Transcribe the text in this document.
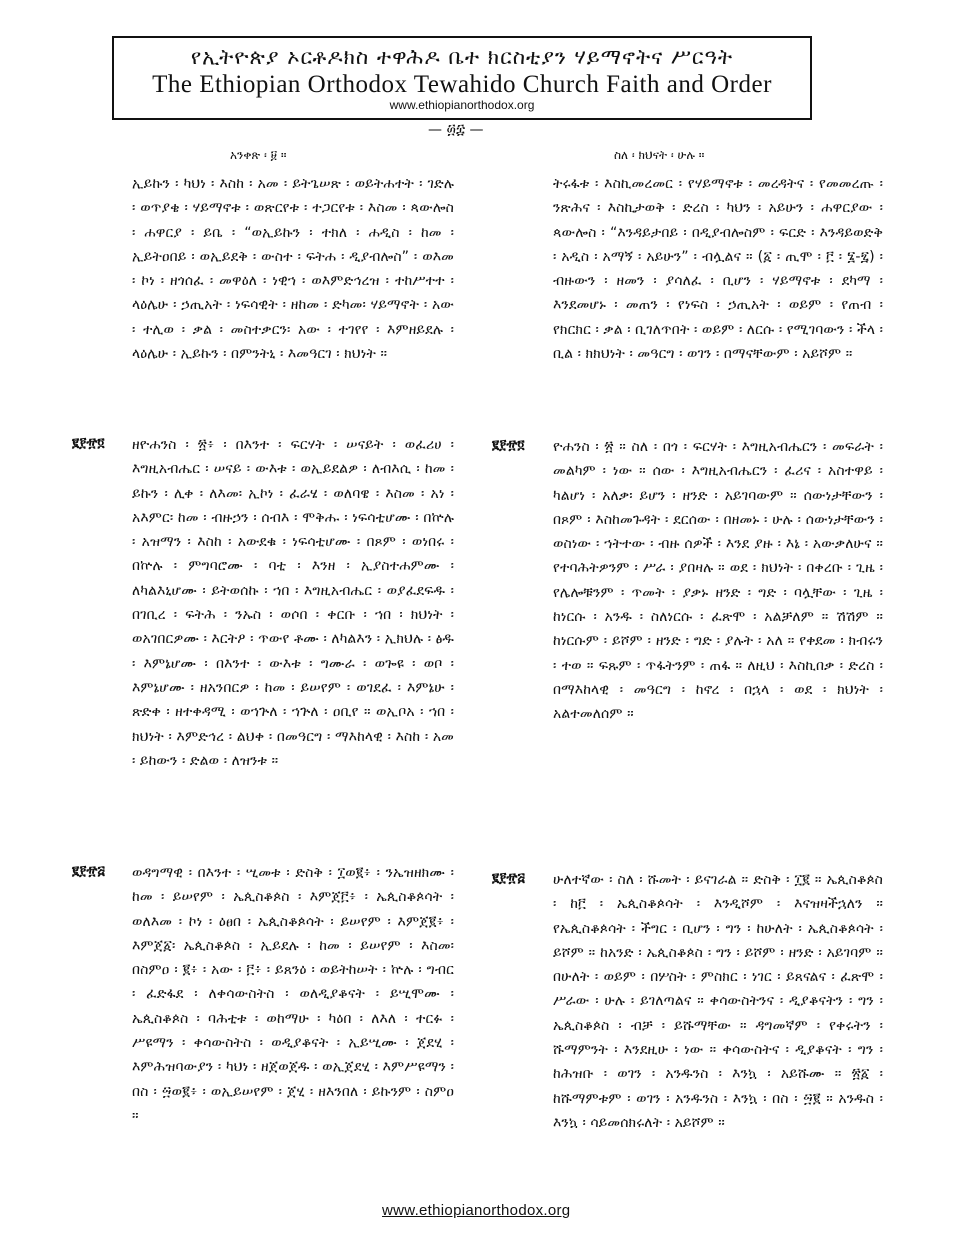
የኢትዮጵያ ኦርቶዶክስ ተዋሕዶ ቤተ ክርስቲያን ሃይማኖትና ሥርዓት
The Ethiopian Orthodox Tewahido Church Faith and Order
www.ethiopianorthodox.org
— ፴፰ —
አንቀጽ ፡ ፱ ።	ስለ ፡ ክህናት ፡ ሁሉ ።
ኢይኩን ፡ ካህነ ፡ እስከ ፡ አመ ፡ ይትጌሠጽ ፡ ወይትሐተት ፡ ገድሉ ፡ ወጥያቄ ፡ ሃይማኖቱ ፡ ወጽርየቱ ፡ ተጋርየቱ ፡ እስመ ፡ ጳውሎስ ፡ ሐዋርያ ፡ ይቤ ፡ “ወኢይኩን ፡ ተክለ ፡ ሐዲስ ፡ ከመ ፡ ኢይትዐበይ ፡ ወኢይደቅ ፡ ውስተ ፡ ፍትሐ ፡ ዲያብሎስ” ፡ ወእመ ፡ ኮነ ፡ ዘጎሰፈ ፡ መዋዕለ ፡ ነዊኀ ፡ ወእምድኅረዝ ፡ ተከሥተተ ፡ ላዕሌሁ ፡ ኃጢአት ፡ ነፍሳዊት ፡ ዘከመ ፡ ድካመ፡ ሃይማኖት ፡ አው ፡ ተሊወ ፡ ቃል ፡ መስተቃርን፡ አው ፡ ተገየየ ፡ እምዘይደሉ ፡ ላዕሌሁ ፡ ኢይኩን ፡ በምንትኒ ፡ እመዓርገ ፡ ክህነት ።
፪፻፹፬ ዘዮሐንስ ፡ ፳፥ ፡ በእንተ ፡ ፍርሃት ፡ ሠናይት ፡ ወፈሪሀ ፡ እግዚአብሔር ፡ ሠናይ ፡ ውእቱ ፡ ወኢይደልዎ ፡ ለብእሲ ፡ ከመ ፡ ይኩን ፡ ሊቀ ፡ ለእመ፡ ኢኮነ ፡ ፈራሄ ፡ ወለባዌ ፡ እስመ ፡ አነ ፡ አእምር፡ ከመ ፡ ብዙኃን ፡ ሰብእ ፡ ሞቅሑ ፡ ነፍሳቲሆሙ ፡ በኵሉ ፡ አዝማን ፡ እስከ ፡ አውደቁ ፡ ነፍሳቲሆሙ ፡ በጾም ፡ ወነበሩ ፡ በኵሉ ፡ ምግባሮሙ ፡ ባቲ ፡ እንዘ ፡ ኢያስተሐምሙ ፡ ለካልእኒሆሙ ፡ ይትወሰኩ ፡ ኀበ ፡ እግዚአብሔር ፡ ወያፈደፍዱ ፡ በገቢረ ፡ ፍትሕ ፡ ንኡስ ፡ ወሶበ ፡ ቀርቡ ፡ ኀበ ፡ ክህነት ፡ ወአገበርዎሙ ፡ እርትዖ ፡ ጥውየ ቶሙ ፡ ለካልእን ፡ ኢክህሉ ፡ ፅዱ ፡ እምኔሆሙ ፡ በእንተ ፡ ውእቱ ፡ ግሙራ ፡ ወጐዩ ፡ ወቦ ፡ እምኔሆሙ ፡ ዘአንበርዎ ፡ ከመ ፡ ይሠየም ፡ ወገደፈ ፡ እምኔሁ ፡ ጽድቀ ፡ ዘተቀዳሚ ፡ ወኀጕለ ፡ ኀጕለ ፡ ዐቢየ ። ወኢቦአ ፡ ኀበ ፡ ክህነት ፡ እምድኅረ ፡ ልህቀ ፡ በመዓርግ ፡ ማእከላዊ ፡ እስከ ፡ አመ ፡ ይከውን ፡ ድልወ ፡ ለዝንቱ ።
፪፻፹፭ ወዳግማዊ ፡ በእንተ ፡ ሢመቱ ፡ ድስቅ ፡ ፲ወ፪፥ ፡ ንኤዝዘክሙ ፡ ከመ ፡ ይሠየም ፡ ኤጲስቆጶስ ፡ እምጀ፫፥ ፡ ኤጲስቆጶሳት ፡ ወለእመ ፡ ኮነ ፡ ዕፀበ ፡ ኤጲስቆጶሳት ፡ ይሠየም ፡ እምጀ፪፥ ፡ እምጀ፩፡ ኤጲስቆጶስ ፡ ኢይደሉ ፡ ከመ ፡ ይሠየም ፡ እስመ፡ በስምዐ ፡ ፪፥ ፡ አው ፡ ፫፥ ፡ ይጸንዕ ፡ ወይትከሠት ፡ ኵሉ ፡ ግብር ፡ ፈድፋደ ፡ ለቀሳውስትስ ፡ ወለዲያቆናት ፡ ይሢሞሙ ፡ ኤጲስቆጶስ ፡ ባሕቲቱ ፡ ወከማሁ ፡ ካዕበ ፡ ለእለ ፡ ተርፉ ፡ ሥዩማን ፡ ቀሳውስትስ ፡ ወዲያቆናት ፡ ኢይሢሙ ፡ ጀደሂ ፡ እምሕዝባውያን ፡ ካህነ ፡ ዘጀወጀዱ ፡ ወኢጀደሂ ፡ እምሥዩማን ፡ በስ ፡ ፵ወ፪፥ ፡ ወኢይሠየም ፡ ጀሂ ፡ ዘእንበለ ፡ ይኩንም ፡ ስምዐ ።
ትሩፋቱ ፡ እስኪመረመር ፡ የሃይማኖቱ ፡ መረዳትና ፡ የመመረጡ ፡ ንጽሕና ፡ እስኪታወቅ ፡ ድረስ ፡ ካህን ፡ አይሁን ፡ ሐዋርያው ፡ ጳውሎስ ፡ “እንዳይታበይ ፡ በዲያብሎስም ፡ ፍርድ ፡ እንዳይወድቅ ፡ አዲስ ፡ አማኝ ፡ አይሁን” ፡ ብሏልና ። (፩ ፡ ጢሞ ፡ ፫ ፡ ፮-፯) ፡ ብዙውን ፡ ዘመን ፡ ያሳለፈ ፡ ቢሆን ፡ ሃይማኖቱ ፡ ደካማ ፡ እንደመሆኑ ፡ መጠን ፡ የነፍስ ፡ ኃጢአት ፡ ወይም ፡ የጠብ ፡ የክርክር ፡ ቃል ፡ ቢገለጥበት ፡ ወይም ፡ ለርሱ ፡ የሚገባውን ፡ ችላ ፡ ቢል ፡ ክክህነት ፡ መዓርግ ፡ ወገን ፡ በማናቸውም ፡ አይሾም ።
፪፻፹፬ ዮሐንስ ፡ ፳ ። ስለ ፡ በጎ ፡ ፍርሃት ፡ እግዚአብሔርን ፡ መፍራት ፡ መልካም ፡ ነው ። ሰው ፡ እግዚአብሔርን ፡ ፈሪና ፡ አስተዋይ ፡ ካልሆነ ፡ አለቃ፡ ይሆን ፡ ዘንድ ፡ አይገባውም ። ሰውነታቸውን ፡ በጾም ፡ እስከመጉዳት ፡ ደርሰው ፡ በዘመኑ ፡ ሁሉ ፡ ሰውነታቸውን ፡ ወስነው ፡ ኀትተው ፡ ብዙ ሰዎች ፡ እንደ ያዙ ፡ እኔ ፡ አውቃለሁና ። የተባሕትዎንም ፡ ሥራ ፡ ያበዛሉ ። ወደ ፡ ክህነት ፡ በቀረቡ ፡ ጊዜ ፡ የሌሎቹንም ፡ ጥመት ፡ ያቃኑ ዘንድ ፡ ግድ ፡ ባሏቸው ፡ ጊዜ ፡ ከነርሱ ፡ አንዱ ፡ ስለነርሱ ፡ ፈጽሞ ፡ አልቻለም ። ሽሽም ። ከነርሱም ፡ ይሾም ፡ ዘንድ ፡ ግድ ፡ ያሉት ፡ አለ ። የቀደመ ፡ ክብሩን ፡ ተወ ። ፍጹም ፡ ጥፋትንም ፡ ጠፋ ። ለዚህ ፡ እስኪበቃ ፡ ድረስ ፡ በማእከላዊ ፡ መዓርግ ፡ ከኖረ ፡ በኋላ ፡ ወደ ፡ ክህነት ፡ አልተመለሰም ።
፪፻፹፭ ሁለተኛው ፡ ስለ ፡ ሹመት ፡ ይናገራል ። ድስቅ ፡ ፲፪ ። ኤጲስቆጶስ ፡ ከ፫ ፡ ኤጲስቆጶሳት ፡ እንዲሾም ፡ እናዝዛችኋለን ። የኤጲስቆጶሳት ፡ ችግር ፡ ቢሆን ፡ ግን ፡ ከሁለት ፡ ኤጲስቆጶሳት ፡ ይሾም ። ከአንድ ፡ ኤጲስቆጶስ ፡ ግን ፡ ይሾም ፡ ዘንድ ፡ አይገባም ። በሁለት ፡ ወይም ፡ በሦስት ፡ ምስክር ፡ ነገር ፡ ይጸናልና ፡ ፈጽሞ ፡ ሥራው ፡ ሁሉ ፡ ይገለጣልና ። ቀሳውስትንና ፡ ዲያቆናትን ፡ ግን ፡ ኤጲስቆጶስ ፡ ብቻ ፡ ይሹማቸው ። ዳግመኛም ፡ የቀሩትን ፡ ሹማምንት ፡ እንደዚሁ ፡ ነው ። ቀሳውስትና ፡ ዲያቆናት ፡ ግን ፡ ከሕዝቡ ፡ ወገን ፡ አንዱንስ ፡ እንኳ ፡ አይሹሙ ። ፳፩ ፡ ከሹማምቱም ፡ ወገን ፡ አንዱንስ ፡ እንኳ ፡ በስ ፡ ፵፪ ። አንዱስ ፡ እንኳ ፡ ሳይመሰክሩለት ፡ አይሾም ።
www.ethiopianorthodox.org
